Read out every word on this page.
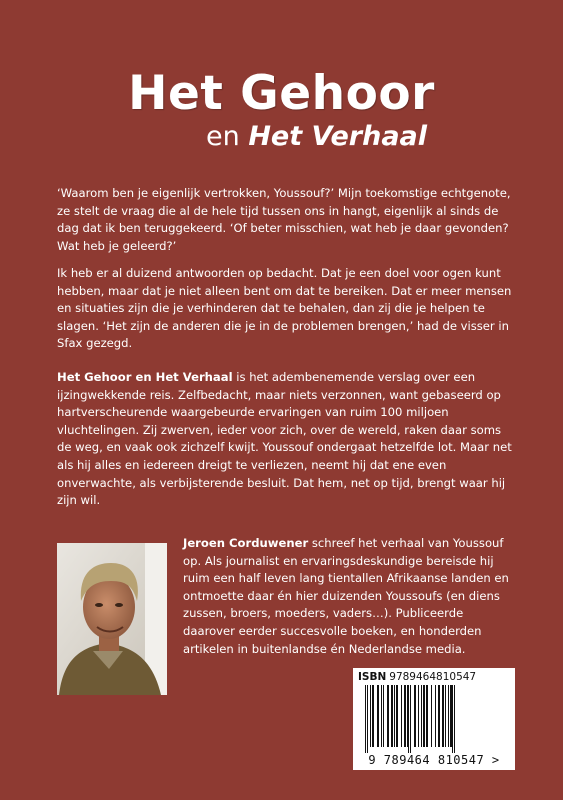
Het Gehoor
en Het Verhaal

‘Waarom ben je eigenlijk vertrokken, Youssouf?’ Mijn toekomstige echtgenote, ze stelt de vraag die al de hele tijd tussen ons in hangt, eigenlijk al sinds de dag dat ik ben teruggekeerd. ‘Of beter misschien, wat heb je daar gevonden? Wat heb je geleerd?’

Ik heb er al duizend antwoorden op bedacht. Dat je een doel voor ogen kunt hebben, maar dat je niet alleen bent om dat te bereiken. Dat er meer mensen en situaties zijn die je verhinderen dat te behalen, dan zij die je helpen te slagen. ‘Het zijn de anderen die je in de problemen brengen,’ had de visser in Sfax gezegd.

Het Gehoor en Het Verhaal is het adembenemende verslag over een ijzingwekkende reis. Zelfbedacht, maar niets verzonnen, want gebaseerd op hartverscheurende waargebeurde ervaringen van ruim 100 miljoen vluchtelingen. Zij zwerven, ieder voor zich, over de wereld, raken daar soms de weg, en vaak ook zichzelf kwijt. Youssouf ondergaat hetzelfde lot. Maar net als hij alles en iedereen dreigt te verliezen, neemt hij dat ene even onverwachte, als verbijsterende besluit. Dat hem, net op tijd, brengt waar hij zijn wil.

Jeroen Corduwener schreef het verhaal van Youssouf op. Als journalist en ervaringsdeskundige bereisde hij ruim een half leven lang tientallen Afrikaanse landen en ontmoette daar én hier duizenden Youssoufs (en diens zussen, broers, moeders, vaders…). Publiceerde daarover eerder succesvolle boeken, en honderden artikelen in buitenlandse én Nederlandse media.

ISBN 9789464810547
9 789464 810547 >
